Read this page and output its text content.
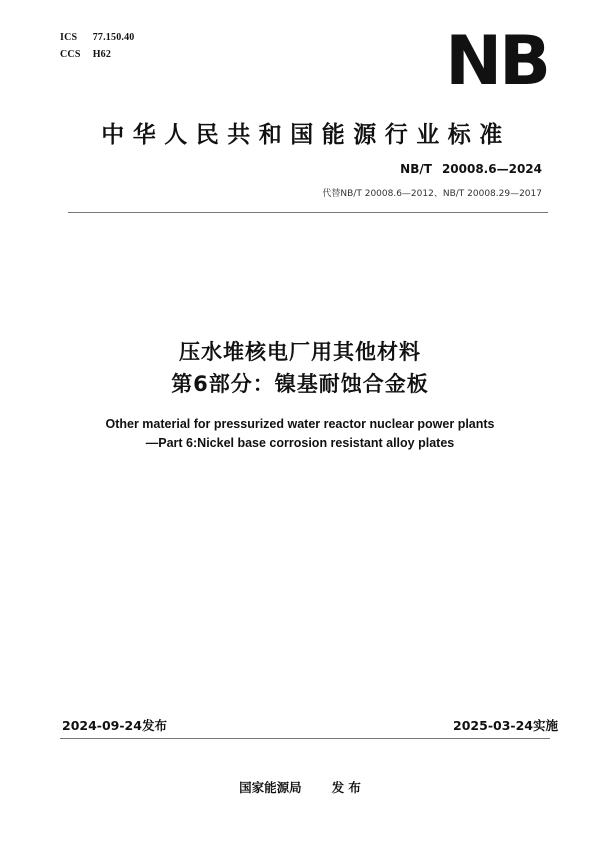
ICS 77.150.40
CCS H62	NB
中华人民共和国能源行业标准
NB/T 20008.6—2024
代替NB/T 20008.6—2012、NB/T 20008.29—2017
压水堆核电厂用其他材料
第6部分：镍基耐蚀合金板
Other material for pressurized water reactor nuclear power plants
—Part 6:Nickel base corrosion resistant alloy plates
2024-09-24发布	2025-03-24实施
国家能源局 发 布
